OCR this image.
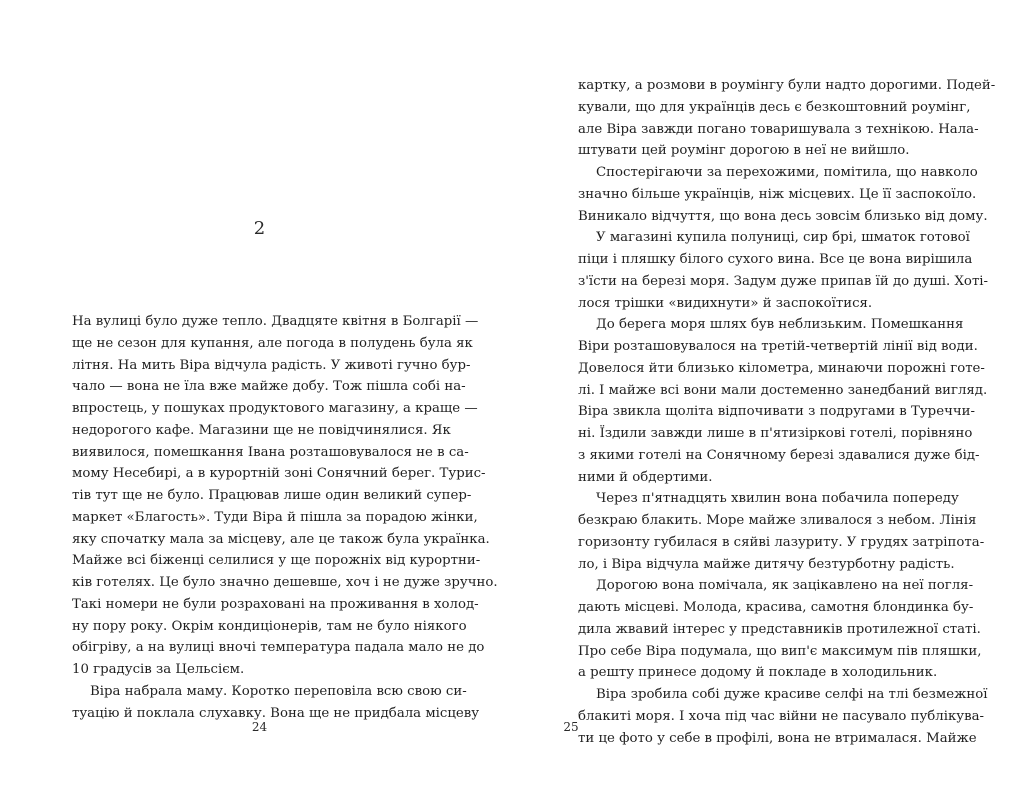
2
На вулиці було дуже тепло. Двадцяте квітня в Болгарії —
ще не сезон для купання, але погода в полудень була як
літня. На мить Віра відчула радість. У животі гучно бур-
чало — вона не їла вже майже добу. Тож пішла собі на-
впростець, у пошуках продуктового магазину, а краще —
недорогого кафе. Магазини ще не повідчинялися. Як
виявилося, помешкання Івана розташовувалося не в са-
мому Несебирі, а в курортній зоні Сонячний берег. Турис-
тів тут ще не було. Працював лише один великий супер-
маркет «Благость». Туди Віра й пішла за порадою жінки,
яку спочатку мала за місцеву, але це також була українка.
Майже всі біженці селилися у ще порожніх від курортни-
ків готелях. Це було значно дешевше, хоч і не дуже зручно.
Такі номери не були розраховані на проживання в холод-
ну пору року. Окрім кондиціонерів, там не було ніякого
обігріву, а на вулиці вночі температура падала мало не до
10 градусів за Цельсієм.
Віра набрала маму. Коротко переповіла всю свою си-
туацію й поклала слухавку. Вона ще не придбала місцеву
24
картку, а розмови в роумінгу були надто дорогими. Подей-
кували, що для українців десь є безкоштовний роумінг,
але Віра завжди погано товаришувала з технікою. Нала-
штувати цей роумінг дорогою в неї не вийшло.
Спостерігаючи за перехожими, помітила, що навколо
значно більше українців, ніж місцевих. Це її заспокоїло.
Виникало відчуття, що вона десь зовсім близько від дому.
У магазині купила полуниці, сир брі, шматок готової
піци і пляшку білого сухого вина. Все це вона вирішила
з'їсти на березі моря. Задум дуже припав їй до душі. Хоті-
лося трішки «видихнути» й заспокоїтися.
До берега моря шлях був неблизьким. Помешкання
Віри розташовувалося на третій-четвертій лінії від води.
Довелося йти близько кілометра, минаючи порожні готе-
лі. І майже всі вони мали достеменно занедбаний вигляд.
Віра звикла щоліта відпочивати з подругами в Туреччи-
ні. Їздили завжди лише в п'ятизіркові готелі, порівняно
з якими готелі на Сонячному березі здавалися дуже бід-
ними й обдертими.
Через п'ятнадцять хвилин вона побачила попереду
безкраю блакить. Море майже зливалося з небом. Лінія
горизонту губилася в сяйві лазуриту. У грудях затріпота-
ло, і Віра відчула майже дитячу безтурботну радість.
Дорогою вона помічала, як зацікавлено на неї погля-
дають місцеві. Молода, красива, самотня блондинка бу-
дила жвавий інтерес у представників протилежної статі.
Про себе Віра подумала, що вип'є максимум пів пляшки,
а решту принесе додому й покладе в холодильник.
Віра зробила собі дуже красиве селфі на тлі безмежної
блакиті моря. І хоча під час війни не пасувало публікува-
ти це фото у себе в профілі, вона не втрималася. Майже
25
